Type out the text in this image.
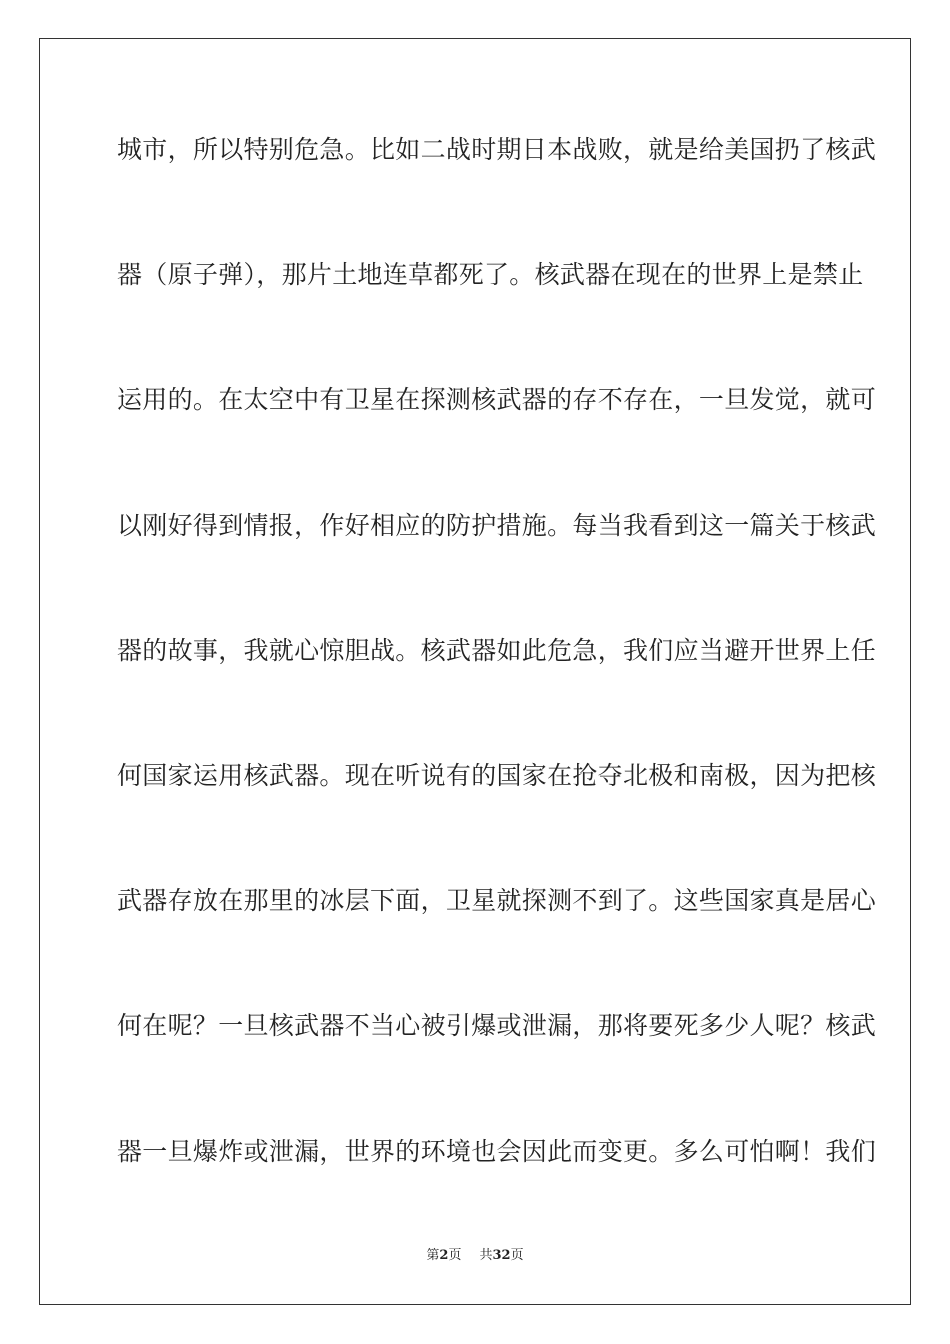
城市，所以特别危急。比如二战时期日本战败，就是给美国扔了核武

器（原子弹），那片土地连草都死了。核武器在现在的世界上是禁止

运用的。在太空中有卫星在探测核武器的存不存在，一旦发觉，就可

以刚好得到情报，作好相应的防护措施。每当我看到这一篇关于核武

器的故事，我就心惊胆战。核武器如此危急，我们应当避开世界上任

何国家运用核武器。现在听说有的国家在抢夺北极和南极，因为把核

武器存放在那里的冰层下面，卫星就探测不到了。这些国家真是居心

何在呢？一旦核武器不当心被引爆或泄漏，那将要死多少人呢？核武

器一旦爆炸或泄漏，世界的环境也会因此而变更。多么可怕啊！我们

第2页 共32页
